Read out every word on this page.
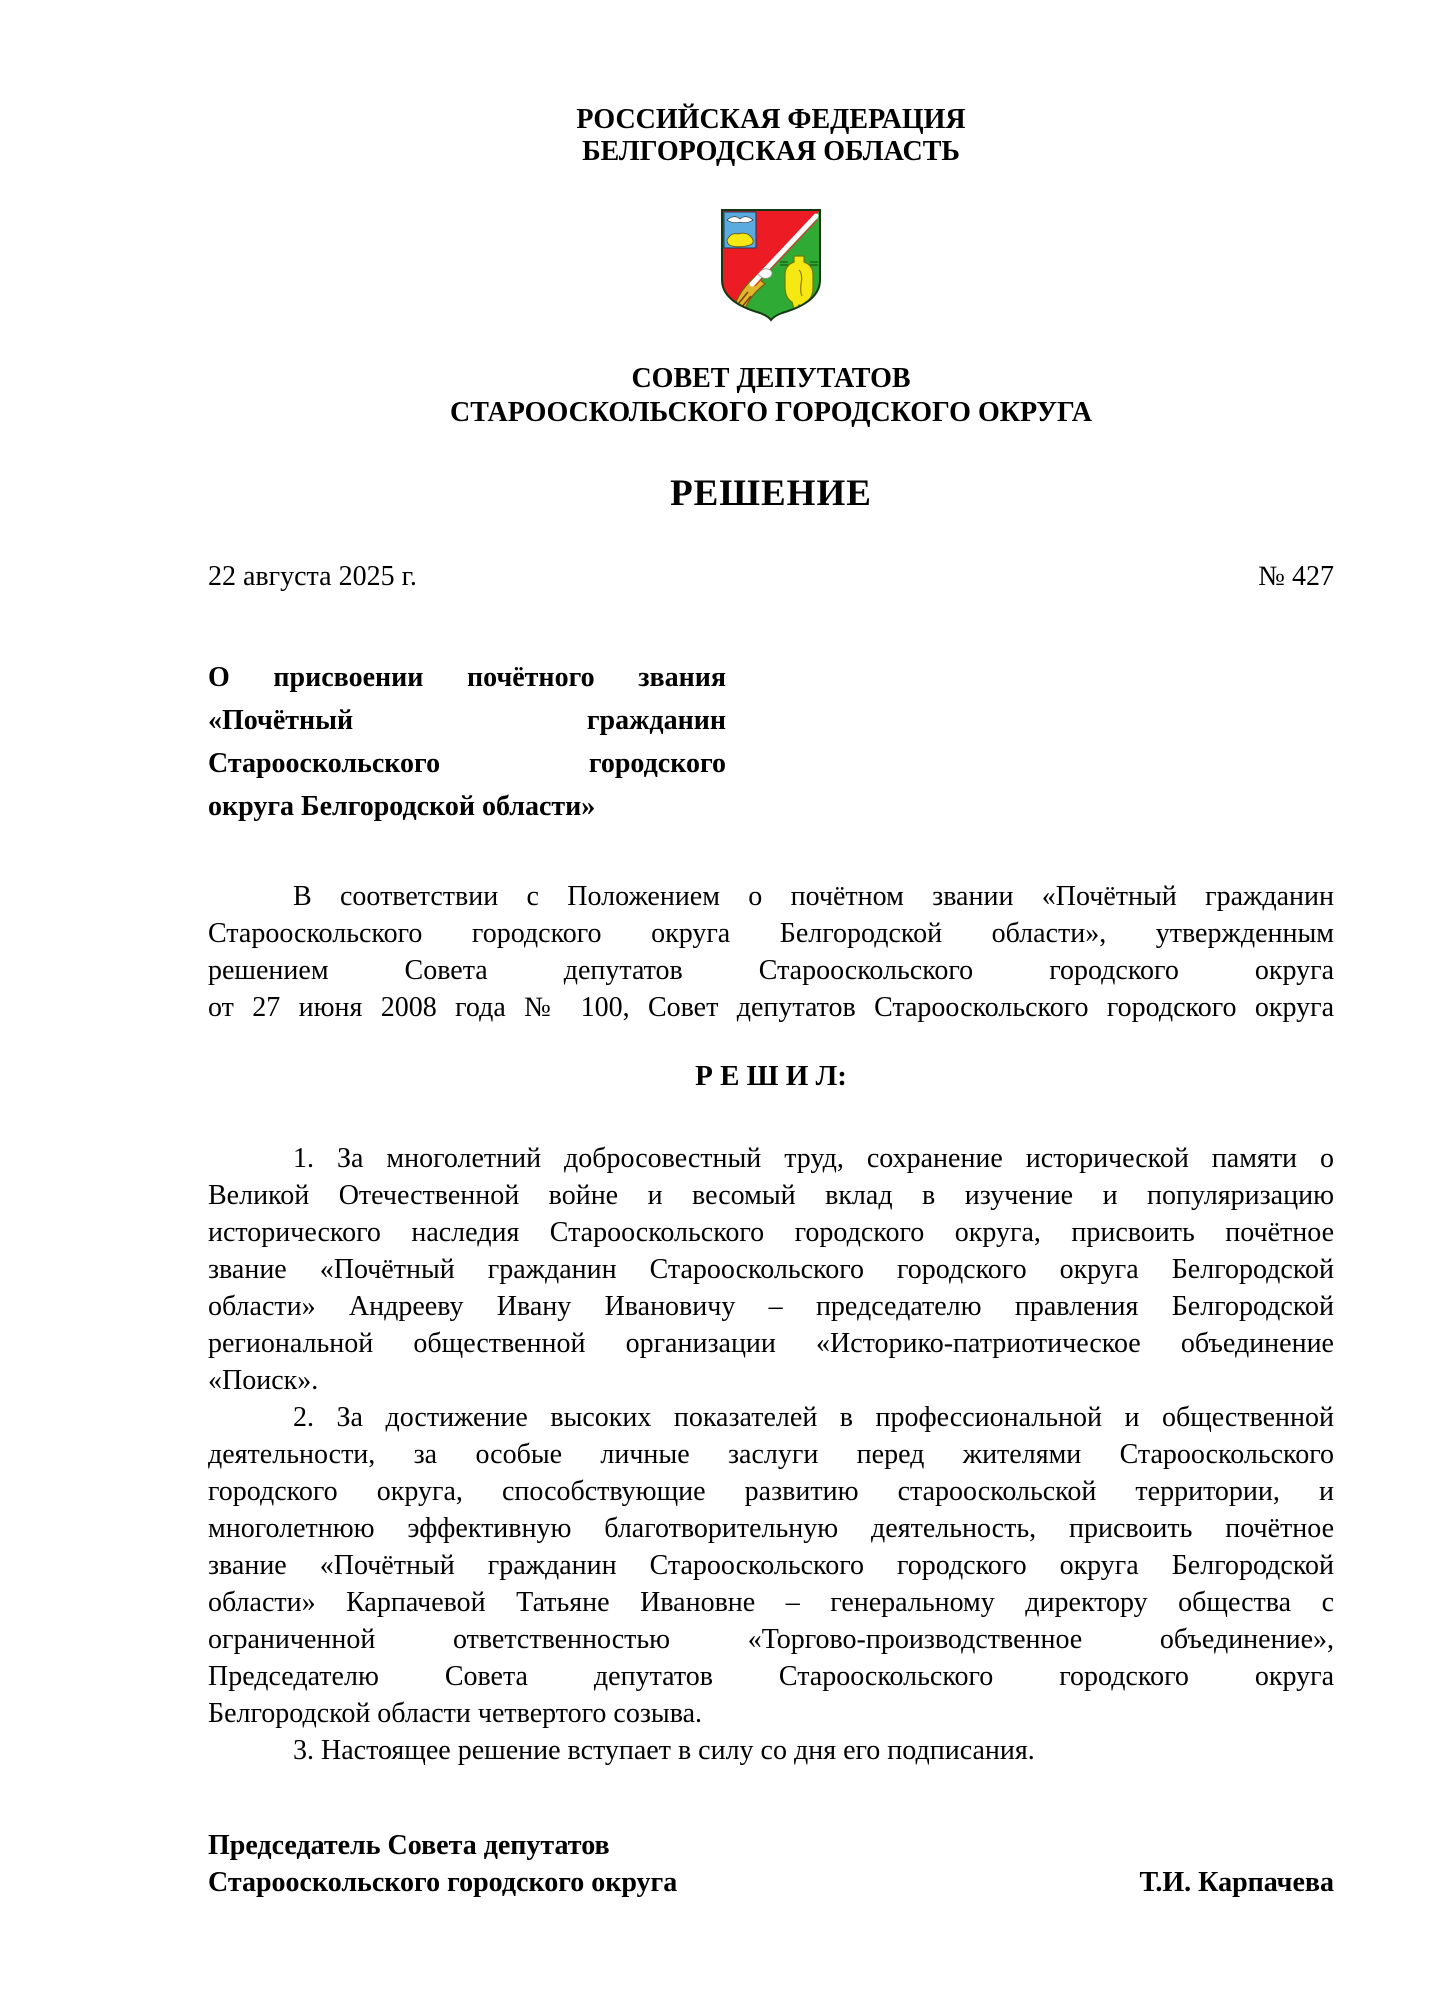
РОССИЙСКАЯ ФЕДЕРАЦИЯ
БЕЛГОРОДСКАЯ ОБЛАСТЬ
СОВЕТ ДЕПУТАТОВ
СТАРООСКОЛЬСКОГО ГОРОДСКОГО ОКРУГА
РЕШЕНИЕ
22 августа 2025 г.	№ 427
О присвоении почётного звания
«Почётный гражданин
Старооскольского городского
округа Белгородской области»
В соответствии с Положением о почётном звании «Почётный гражданин
Старооскольского городского округа Белгородской области», утвержденным
решением Совета депутатов Старооскольского городского округа
от 27 июня 2008 года № 100, Совет депутатов Старооскольского городского округа
Р Е Ш И Л:
1. За многолетний добросовестный труд, сохранение исторической памяти о
Великой Отечественной войне и весомый вклад в изучение и популяризацию
исторического наследия Старооскольского городского округа, присвоить почётное
звание «Почётный гражданин Старооскольского городского округа Белгородской
области» Андрееву Ивану Ивановичу – председателю правления Белгородской
региональной общественной организации «Историко-патриотическое объединение
«Поиск».
2. За достижение высоких показателей в профессиональной и общественной
деятельности, за особые личные заслуги перед жителями Старооскольского
городского округа, способствующие развитию старооскольской территории, и
многолетнюю эффективную благотворительную деятельность, присвоить почётное
звание «Почётный гражданин Старооскольского городского округа Белгородской
области» Карпачевой Татьяне Ивановне – генеральному директору общества с
ограниченной ответственностью «Торгово-производственное объединение»,
Председателю Совета депутатов Старооскольского городского округа
Белгородской области четвертого созыва.
3. Настоящее решение вступает в силу со дня его подписания.
Председатель Совета депутатов
Старооскольского городского округа	Т.И. Карпачева
